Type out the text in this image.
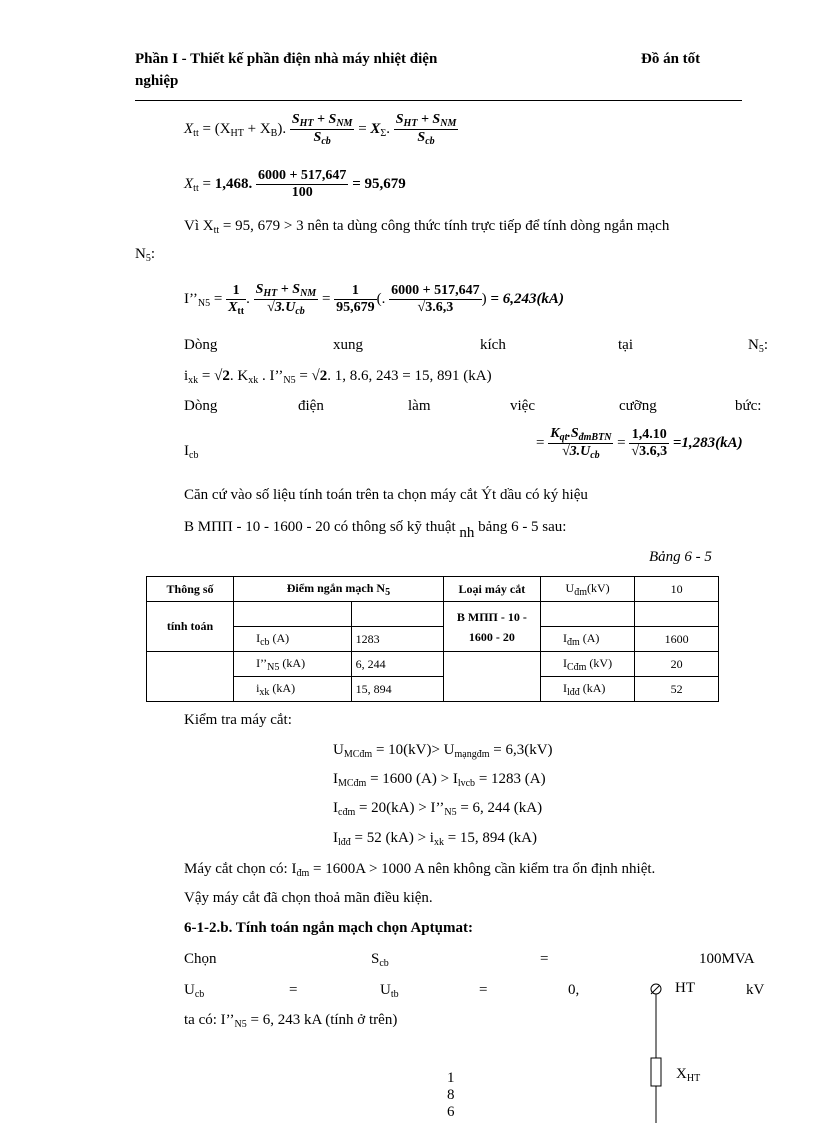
Phần I - Thiết kế phần điện nhà máy nhiệt điện
nghiệp
Đồ án tốt
$X_{tt} = (X_{HT} + X_B)$. $\frac{S_{HT} + S_{NM}}{S_{cb}} = X_\Sigma$. $\frac{S_{HT} + S_{NM}}{S_{cb}}$
$X_{tt} = 1,468$. $\frac{6000 + 517,647}{100} = 95,679$
Vì $X_{tt} = 95$, 679 > 3 nên ta dùng công thức tính trực tiếp để tính dòng ngắn mạch
$N_5$:
$I’’_{N5} = \frac{1}{X_{tt}}$ . $\frac{S_{HT} + S_{NM}}{√3.U_{cb}} = \frac{1}{95,679}$ (. $\frac{6000 + 517,647}{√3.6,3}$ ) = 6,243(kA)
Dòng	xung	kích	tại	$N_5$:
$i_{xk} = √2$. $K_{xk}$ . $I’’_{N5} = √2$. 1, 8.6, 243 = 15, 891 (kA)
Dòng	điện	làm	việc	cưỡng	bức:
$I_{cb}$
= $\frac{K_{qt}.S_{đmBTN}}{√3.U_{cb}} = \frac{1,4.10}{√3.6,3} =1,283(kA)$
Căn cứ vào số liệu tính toán trên ta chọn máy cắt Ýt dầu có ký hiệu
B MΠΠ - 10 - 1600 - 20 có thông số kỹ thuật nh bảng 6 - 5 sau:
Bảng 6 - 5
Thông số	Điểm ngắn mạch $N_5$		Loại máy cắt	$U_{đm}(kV)$	10
tính toán			B MΠΠ - 10 - 1600 - 20		
	$I_{cb}$ (A)	1283		$I_{đm}$ (A)	1600
	$I’’_{N5}$ (kA)	6, 244		$I_{Cđm}$ (kV)	20
	$i_{xk}$ (kA)	15, 894		$I_{lđđ}$ (kA)	52
Kiểm tra máy cắt:
$U_{MCđm} = 10(kV)> U_{mạngđm} = 6,3(kV)$
$I_{MCđm} = 1600$ $(A) > I_{lvcb} = 1283$ (A)
$I_{cđm} = 20(kA)$ > $I’’_{N5} = 6$, 244 (kA)
$I_{lđđ} = 52$ $(kA) > i_{xk} = 15$, 894 (kA)
Máy cắt chọn có: $I_{đm} = 1600A > 1000$ A nên không cần kiểm tra ổn định nhiệt.
Vậy máy cắt đã chọn thoả mãn điều kiện.
6-1-2.b. Tính toán ngắn mạch chọn Aptụmat:
Chọn	$S_{cb}$	=	100MVA
$U_{cb}$	=	$U_{tb}$	=	0,	kV
ta có: $I’’_{N5} = 6$, 243 kA (tính ở trên)
HT
$X_{HT}$
1
8
6
